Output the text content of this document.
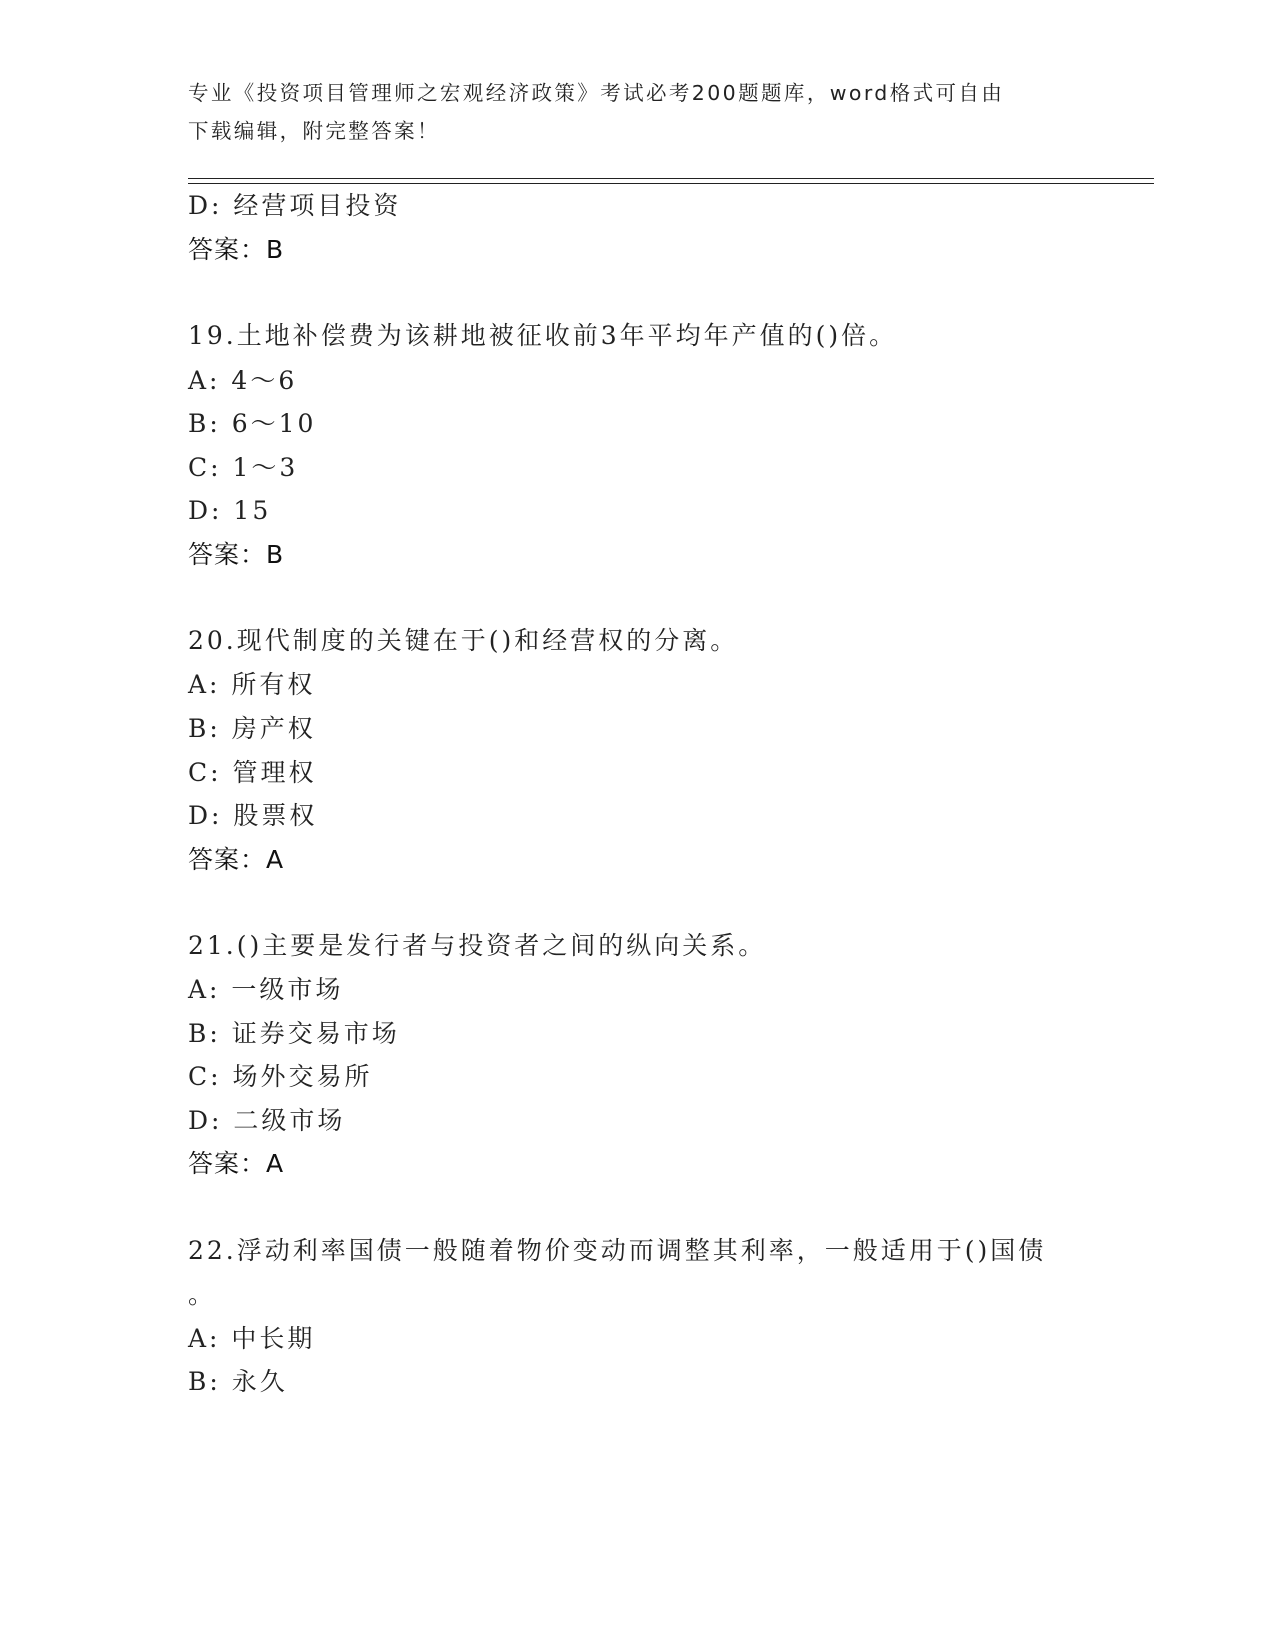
专业《投资项目管理师之宏观经济政策》考试必考200题题库，word格式可自由
下载编辑，附完整答案！
D: 经营项目投资
答案：B
19.土地补偿费为该耕地被征收前3年平均年产值的()倍。
A: 4～6
B: 6～10
C: 1～3
D: 15
答案：B
20.现代制度的关键在于()和经营权的分离。
A: 所有权
B: 房产权
C: 管理权
D: 股票权
答案：A
21.()主要是发行者与投资者之间的纵向关系。
A: 一级市场
B: 证券交易市场
C: 场外交易所
D: 二级市场
答案：A
22.浮动利率国债一般随着物价变动而调整其利率，一般适用于()国债
。
A: 中长期
B: 永久
